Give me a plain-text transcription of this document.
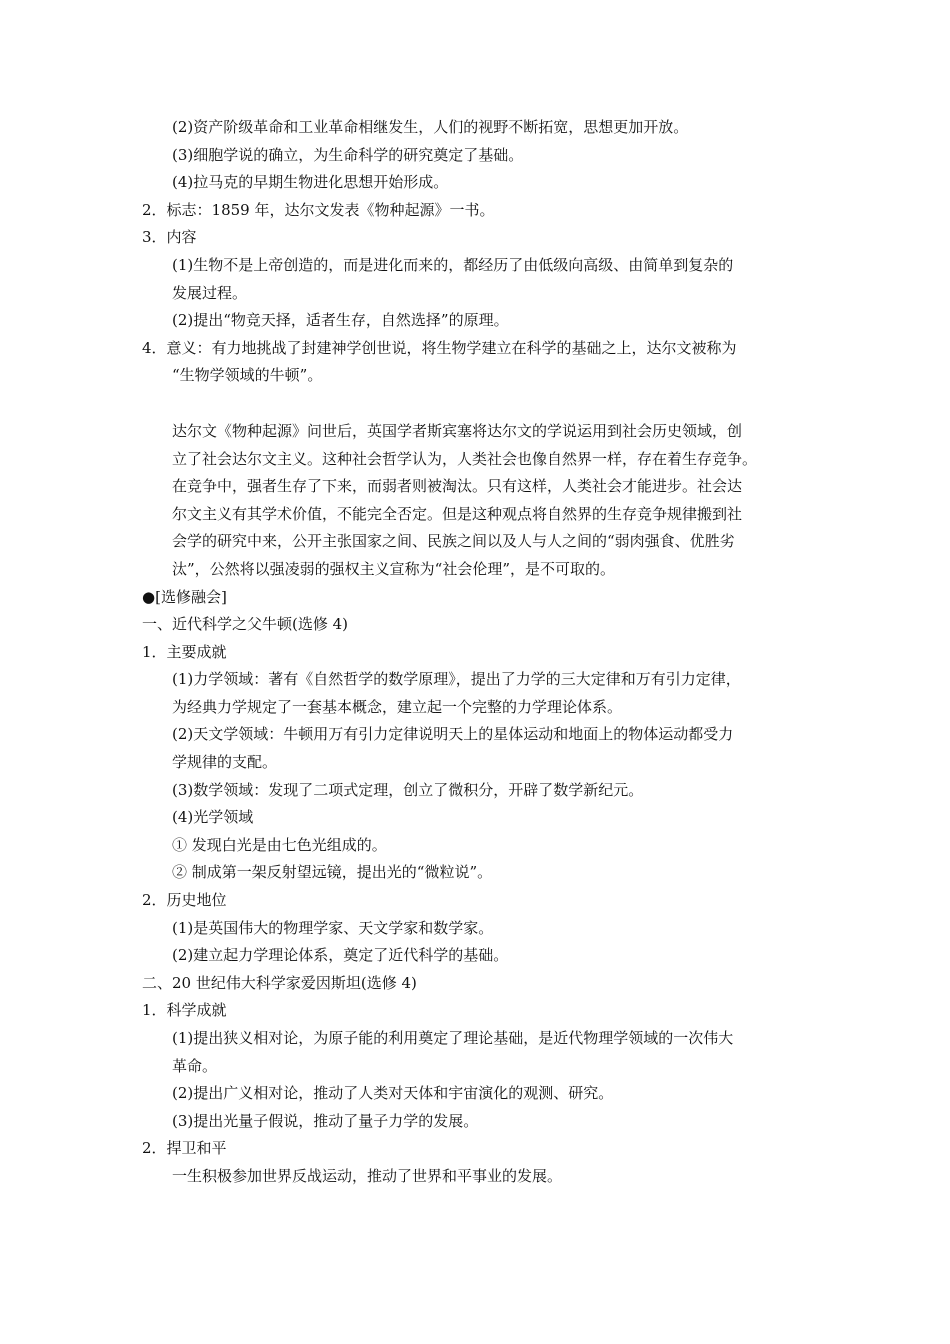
(2)资产阶级革命和工业革命相继发生，人们的视野不断拓宽，思想更加开放。
(3)细胞学说的确立，为生命科学的研究奠定了基础。
(4)拉马克的早期生物进化思想开始形成。
2．标志：1859 年，达尔文发表《物种起源》一书。
3．内容
(1)生物不是上帝创造的，而是进化而来的，都经历了由低级向高级、由简单到复杂的
发展过程。
(2)提出“物竞天择，适者生存，自然选择”的原理。
4．意义：有力地挑战了封建神学创世说，将生物学建立在科学的基础之上，达尔文被称为
“生物学领域的牛顿”。
达尔文《物种起源》问世后，英国学者斯宾塞将达尔文的学说运用到社会历史领域，创
立了社会达尔文主义。这种社会哲学认为，人类社会也像自然界一样，存在着生存竞争。
在竞争中，强者生存了下来，而弱者则被淘汰。只有这样，人类社会才能进步。社会达
尔文主义有其学术价值，不能完全否定。但是这种观点将自然界的生存竞争规律搬到社
会学的研究中来，公开主张国家之间、民族之间以及人与人之间的“弱肉强食、优胜劣
汰”，公然将以强凌弱的强权主义宣称为“社会伦理”，是不可取的。
●[选修融会]
一、近代科学之父牛顿(选修 4)
1．主要成就
(1)力学领域：著有《自然哲学的数学原理》，提出了力学的三大定律和万有引力定律，
为经典力学规定了一套基本概念，建立起一个完整的力学理论体系。
(2)天文学领域：牛顿用万有引力定律说明天上的星体运动和地面上的物体运动都受力
学规律的支配。
(3)数学领域：发现了二项式定理，创立了微积分，开辟了数学新纪元。
(4)光学领域
① 发现白光是由七色光组成的。
② 制成第一架反射望远镜，提出光的“微粒说”。
2．历史地位
(1)是英国伟大的物理学家、天文学家和数学家。
(2)建立起力学理论体系，奠定了近代科学的基础。
二、20 世纪伟大科学家爱因斯坦(选修 4)
1．科学成就
(1)提出狭义相对论，为原子能的利用奠定了理论基础，是近代物理学领域的一次伟大
革命。
(2)提出广义相对论，推动了人类对天体和宇宙演化的观测、研究。
(3)提出光量子假说，推动了量子力学的发展。
2．捍卫和平
一生积极参加世界反战运动，推动了世界和平事业的发展。
